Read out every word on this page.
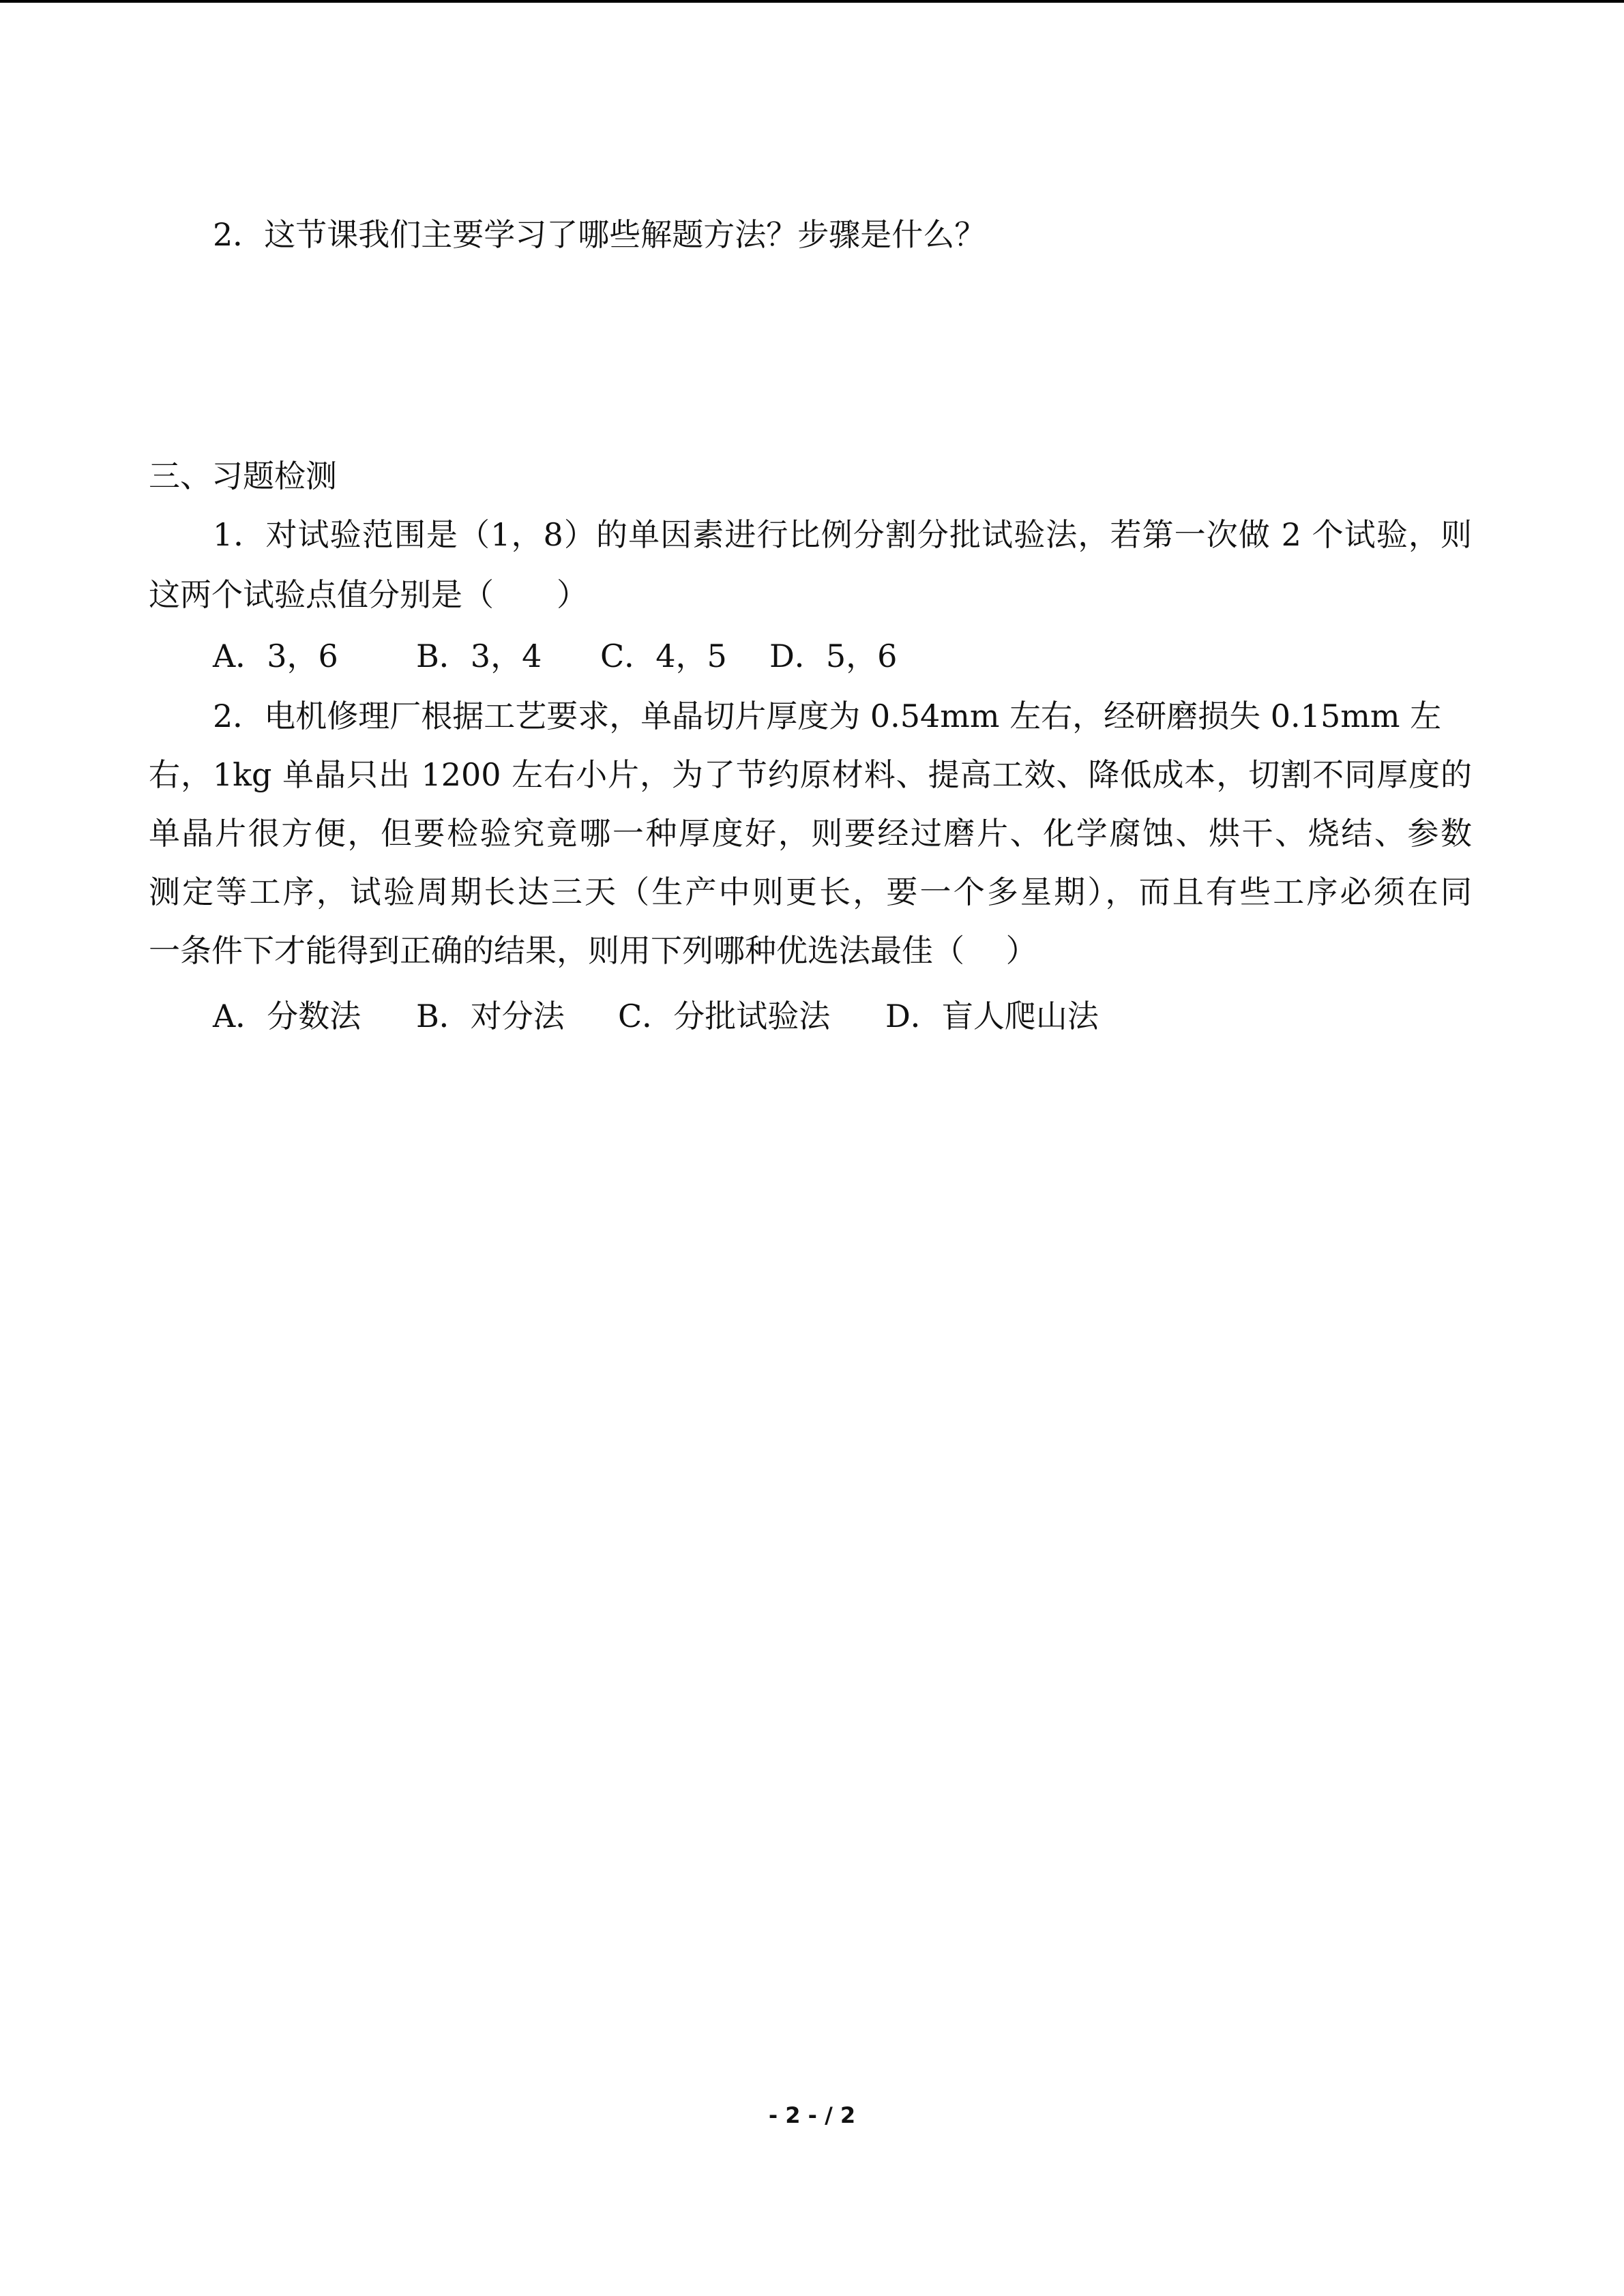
2．这节课我们主要学习了哪些解题方法？步骤是什么？
三、习题检测
1．对试验范围是（1，8）的单因素进行比例分割分批试验法，若第一次做 2 个试验，则
这两个试验点值分别是（　　）
A．3，6 B．3，4 C．4，5 D．5，6
2．电机修理厂根据工艺要求，单晶切片厚度为 0.54mm 左右，经研磨损失 0.15mm 左
右，1kg 单晶只出 1200 左右小片，为了节约原材料、提高工效、降低成本，切割不同厚度的
单晶片很方便，但要检验究竟哪一种厚度好，则要经过磨片、化学腐蚀、烘干、烧结、参数
测定等工序，试验周期长达三天（生产中则更长，要一个多星期），而且有些工序必须在同
一条件下才能得到正确的结果，则用下列哪种优选法最佳（　 ）
A．分数法 B．对分法 C．分批试验法 D．盲人爬山法
- 2 - / 2
